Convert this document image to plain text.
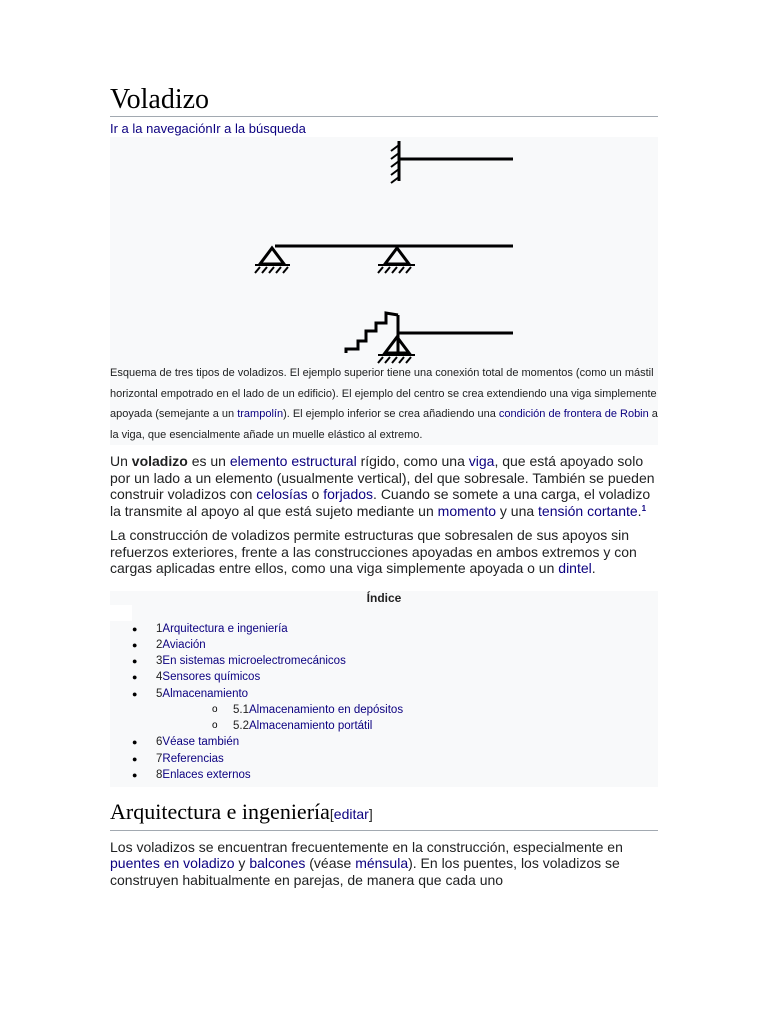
Voladizo
Ir a la navegaciónIr a la búsqueda
Esquema de tres tipos de voladizos. El ejemplo superior tiene una conexión total de momentos (como un mástil horizontal empotrado en el lado de un edificio). El ejemplo del centro se crea extendiendo una viga simplemente apoyada (semejante a un trampolín). El ejemplo inferior se crea añadiendo una condición de frontera de Robin a la viga, que esencialmente añade un muelle elástico al extremo.

Un voladizo es un elemento estructural rígido, como una viga, que está apoyado solo por un lado a un elemento (usualmente vertical), del que sobresale. También se pueden construir voladizos con celosías o forjados. Cuando se somete a una carga, el voladizo la transmite al apoyo al que está sujeto mediante un momento y una tensión cortante.$^1$

La construcción de voladizos permite estructuras que sobresalen de sus apoyos sin refuerzos exteriores, frente a las construcciones apoyadas en ambos extremos y con cargas aplicadas entre ellos, como una viga simplemente apoyada o un dintel.

Índice
● 1Arquitectura e ingeniería
● 2Aviación
● 3En sistemas microelectromecánicos
● 4Sensores químicos
● 5Almacenamiento
o 5.1Almacenamiento en depósitos
o 5.2Almacenamiento portátil
● 6Véase también
● 7Referencias
● 8Enlaces externos
Arquitectura e ingeniería[editar]

Los voladizos se encuentran frecuentemente en la construcción, especialmente en puentes en voladizo y balcones (véase ménsula). En los puentes, los voladizos se construyen habitualmente en parejas, de manera que cada uno
